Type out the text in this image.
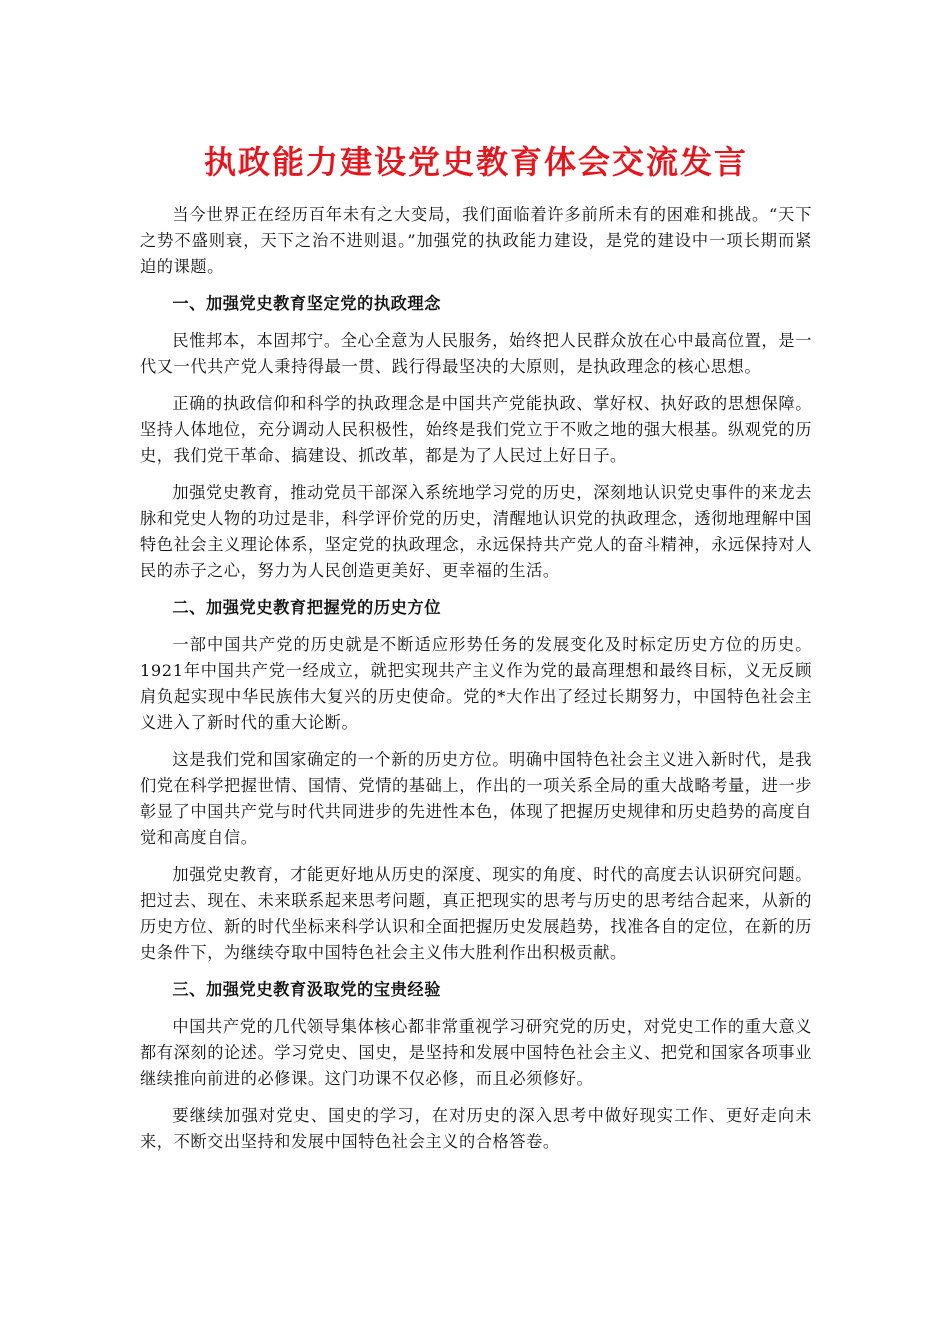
执政能力建设党史教育体会交流发言

当今世界正在经历百年未有之大变局，我们面临着许多前所未有的困难和挑战。“天下之势不盛则衰，天下之治不进则退。”加强党的执政能力建设，是党的建设中一项长期而紧迫的课题。

一、加强党史教育坚定党的执政理念

民惟邦本，本固邦宁。全心全意为人民服务，始终把人民群众放在心中最高位置，是一代又一代共产党人秉持得最一贯、践行得最坚决的大原则，是执政理念的核心思想。

正确的执政信仰和科学的执政理念是中国共产党能执政、掌好权、执好政的思想保障。坚持人体地位，充分调动人民积极性，始终是我们党立于不败之地的强大根基。纵观党的历史，我们党干革命、搞建设、抓改革，都是为了人民过上好日子。

加强党史教育，推动党员干部深入系统地学习党的历史，深刻地认识党史事件的来龙去脉和党史人物的功过是非，科学评价党的历史，清醒地认识党的执政理念，透彻地理解中国特色社会主义理论体系，坚定党的执政理念，永远保持共产党人的奋斗精神，永远保持对人民的赤子之心，努力为人民创造更美好、更幸福的生活。

二、加强党史教育把握党的历史方位

一部中国共产党的历史就是不断适应形势任务的发展变化及时标定历史方位的历史。1921年中国共产党一经成立，就把实现共产主义作为党的最高理想和最终目标，义无反顾肩负起实现中华民族伟大复兴的历史使命。党的*大作出了经过长期努力，中国特色社会主义进入了新时代的重大论断。

这是我们党和国家确定的一个新的历史方位。明确中国特色社会主义进入新时代，是我们党在科学把握世情、国情、党情的基础上，作出的一项关系全局的重大战略考量，进一步彰显了中国共产党与时代共同进步的先进性本色，体现了把握历史规律和历史趋势的高度自觉和高度自信。

加强党史教育，才能更好地从历史的深度、现实的角度、时代的高度去认识研究问题。把过去、现在、未来联系起来思考问题，真正把现实的思考与历史的思考结合起来，从新的历史方位、新的时代坐标来科学认识和全面把握历史发展趋势，找准各自的定位，在新的历史条件下，为继续夺取中国特色社会主义伟大胜利作出积极贡献。

三、加强党史教育汲取党的宝贵经验

中国共产党的几代领导集体核心都非常重视学习研究党的历史，对党史工作的重大意义都有深刻的论述。学习党史、国史，是坚持和发展中国特色社会主义、把党和国家各项事业继续推向前进的必修课。这门功课不仅必修，而且必须修好。

要继续加强对党史、国史的学习，在对历史的深入思考中做好现实工作、更好走向未来，不断交出坚持和发展中国特色社会主义的合格答卷。
